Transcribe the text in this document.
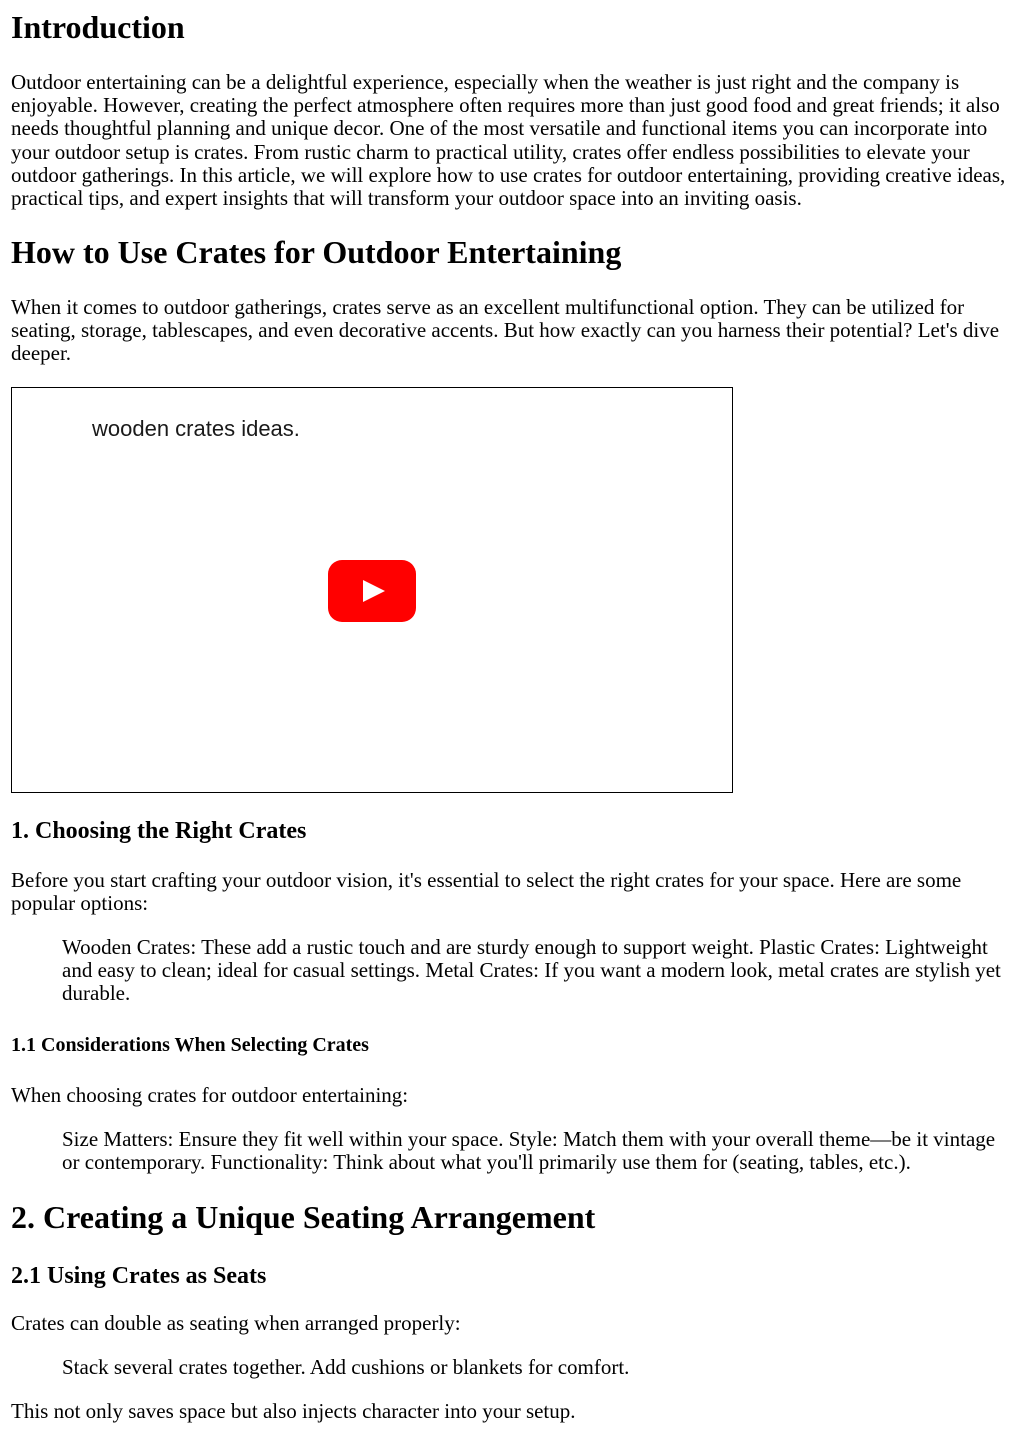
Introduction

Outdoor entertaining can be a delightful experience, especially when the weather is just right and the company is enjoyable. However, creating the perfect atmosphere often requires more than just good food and great friends; it also needs thoughtful planning and unique decor. One of the most versatile and functional items you can incorporate into your outdoor setup is crates. From rustic charm to practical utility, crates offer endless possibilities to elevate your outdoor gatherings. In this article, we will explore how to use crates for outdoor entertaining, providing creative ideas, practical tips, and expert insights that will transform your outdoor space into an inviting oasis.

How to Use Crates for Outdoor Entertaining

When it comes to outdoor gatherings, crates serve as an excellent multifunctional option. They can be utilized for seating, storage, tablescapes, and even decorative accents. But how exactly can you harness their potential? Let's dive deeper.

wooden crates ideas.
1. Choosing the Right Crates

Before you start crafting your outdoor vision, it's essential to select the right crates for your space. Here are some popular options:

Wooden Crates: These add a rustic touch and are sturdy enough to support weight. Plastic Crates: Lightweight and easy to clean; ideal for casual settings. Metal Crates: If you want a modern look, metal crates are stylish yet durable.
1.1 Considerations When Selecting Crates

When choosing crates for outdoor entertaining:

Size Matters: Ensure they fit well within your space. Style: Match them with your overall theme—be it vintage or contemporary. Functionality: Think about what you'll primarily use them for (seating, tables, etc.).
2. Creating a Unique Seating Arrangement
2.1 Using Crates as Seats

Crates can double as seating when arranged properly:

Stack several crates together. Add cushions or blankets for comfort.

This not only saves space but also injects character into your setup.
